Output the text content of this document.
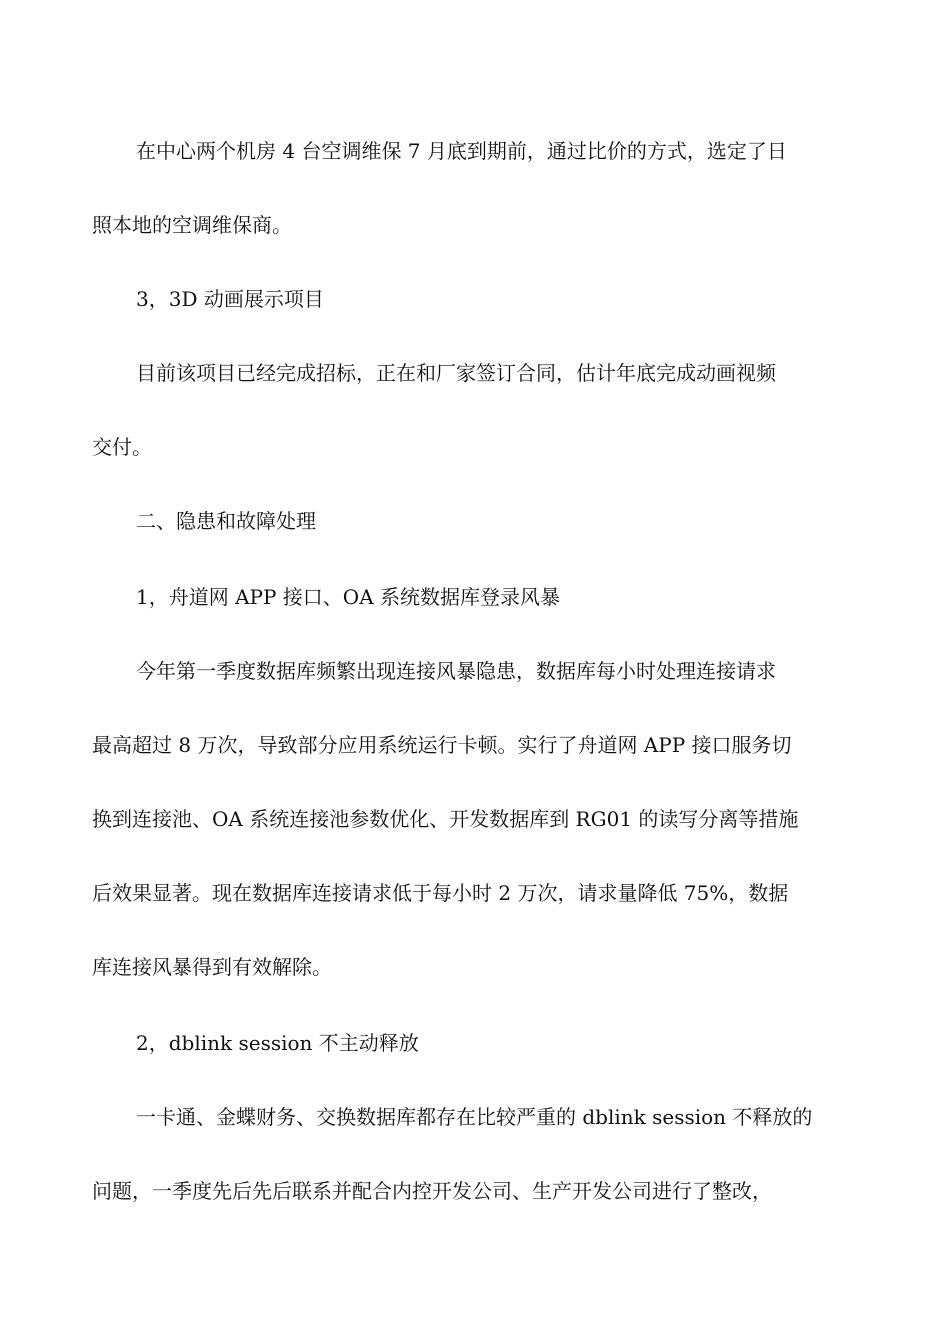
在中心两个机房 4 台空调维保 7 月底到期前，通过比价的方式，选定了日

照本地的空调维保商。

3，3D 动画展示项目

目前该项目已经完成招标，正在和厂家签订合同，估计年底完成动画视频

交付。

二、隐患和故障处理

1，舟道网 APP 接口、OA 系统数据库登录风暴

今年第一季度数据库频繁出现连接风暴隐患，数据库每小时处理连接请求

最高超过 8 万次，导致部分应用系统运行卡顿。实行了舟道网 APP 接口服务切

换到连接池、OA 系统连接池参数优化、开发数据库到 RG01 的读写分离等措施

后效果显著。现在数据库连接请求低于每小时 2 万次，请求量降低 75%，数据

库连接风暴得到有效解除。

2，dblink session 不主动释放

一卡通、金蝶财务、交换数据库都存在比较严重的 dblink session 不释放的

问题，一季度先后先后联系并配合内控开发公司、生产开发公司进行了整改，
